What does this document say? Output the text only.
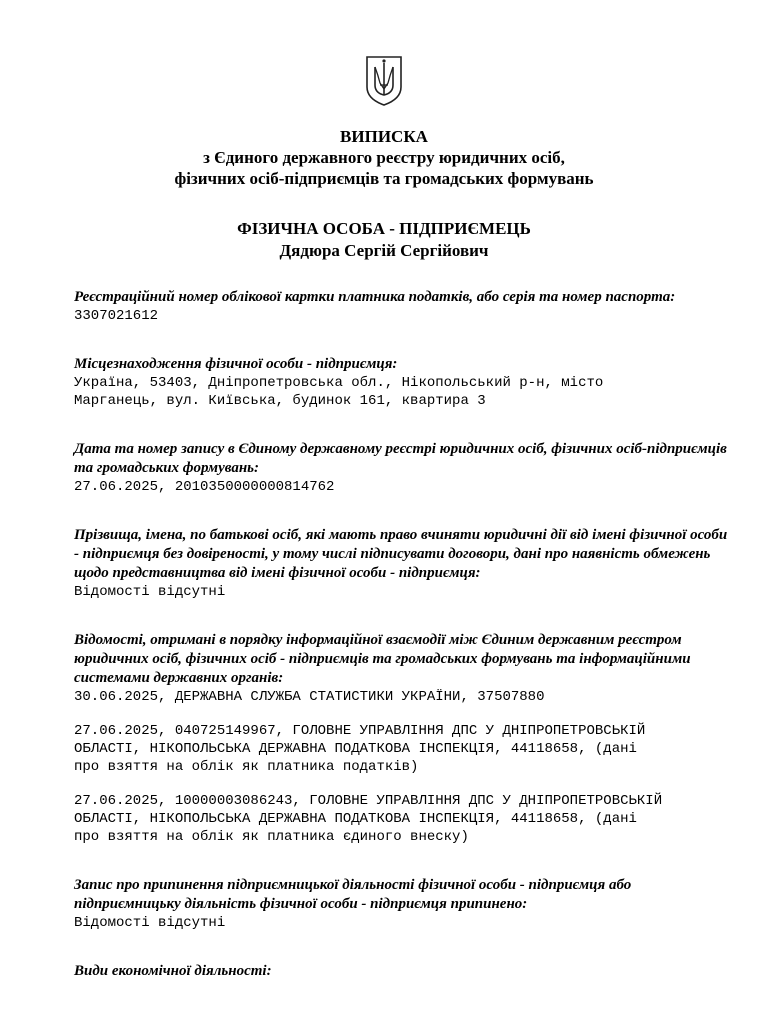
ВИПИСКА
з Єдиного державного реєстру юридичних осіб,
фізичних осіб-підприємців та громадських формувань
ФІЗИЧНА ОСОБА - ПІДПРИЄМЕЦЬ
Дядюра Сергій Сергійович

Реєстраційний номер облікової картки платника податків, або серія та номер паспорта:

3307021612

Місцезнаходження фізичної особи - підприємця:

Україна, 53403, Дніпропетровська обл., Нікопольський р-н, місто
Марганець, вул. Київська, будинок 161, квартира 3

Дата та номер запису в Єдиному державному реєстрі юридичних осіб, фізичних осіб-підприємців та громадських формувань:

27.06.2025, 2010350000000814762

Прізвища, імена, по батькові осіб, які мають право вчиняти юридичні дії від імені фізичної особи - підприємця без довіреності, у тому числі підписувати договори, дані про наявність обмежень щодо представництва від імені фізичної особи - підприємця:

Відомості відсутні

Відомості, отримані в порядку інформаційної взаємодії між Єдиним державним реєстром юридичних осіб, фізичних осіб - підприємців та громадських формувань та інформаційними системами державних органів:

30.06.2025, ДЕРЖАВНА СЛУЖБА СТАТИСТИКИ УКРАЇНИ, 37507880

27.06.2025, 040725149967, ГОЛОВНЕ УПРАВЛІННЯ ДПС У ДНІПРОПЕТРОВСЬКІЙ
ОБЛАСТІ, НІКОПОЛЬСЬКА ДЕРЖАВНА ПОДАТКОВА ІНСПЕКЦІЯ, 44118658, (дані
про взяття на облік як платника податків)

27.06.2025, 10000003086243, ГОЛОВНЕ УПРАВЛІННЯ ДПС У ДНІПРОПЕТРОВСЬКІЙ
ОБЛАСТІ, НІКОПОЛЬСЬКА ДЕРЖАВНА ПОДАТКОВА ІНСПЕКЦІЯ, 44118658, (дані
про взяття на облік як платника єдиного внеску)

Запис про припинення підприємницької діяльності фізичної особи - підприємця або підприємницьку діяльність фізичної особи - підприємця припинено:

Відомості відсутні

Види економічної діяльності:
